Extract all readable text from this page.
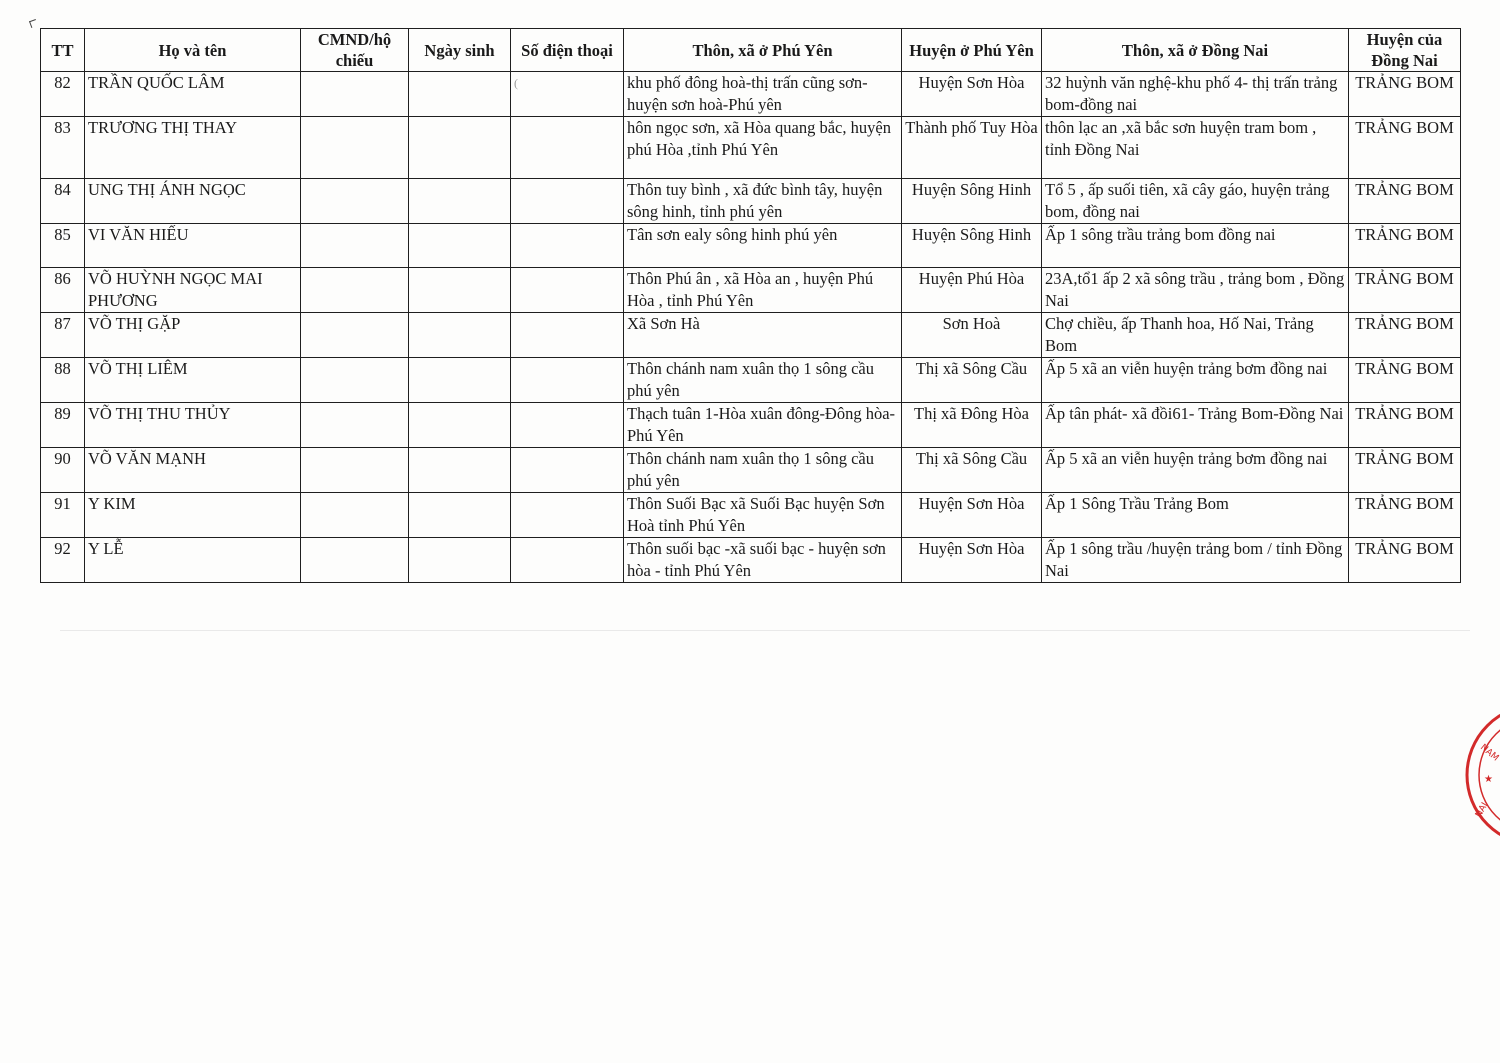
TT	Họ và tên	CMND/hộ chiếu	Ngày sinh	Số điện thoại	Thôn, xã ở Phú Yên	Huyện ở Phú Yên	Thôn, xã ở Đồng Nai	Huyện của Đồng Nai
82	TRẦN QUỐC LÂM			(	khu phố đông hoà-thị trấn cũng sơn-huyện sơn hoà-Phú yên	Huyện Sơn Hòa	32 huỳnh văn nghệ-khu phố 4- thị trấn trảng bom-đồng nai	TRẢNG BOM
83	TRƯƠNG THỊ THAY				hôn ngọc sơn, xã Hòa quang bắc, huyện phú Hòa ,tỉnh Phú Yên	Thành phố Tuy Hòa	thôn lạc an ,xã bắc sơn huyện tram bom , tỉnh Đồng Nai	TRẢNG BOM
84	UNG THỊ ÁNH NGỌC				Thôn tuy bình , xã đức bình tây, huyện sông hinh, tỉnh phú yên	Huyện Sông Hinh	Tổ 5 , ấp suối tiên, xã cây gáo, huyện trảng bom, đồng nai	TRẢNG BOM
85	VI VĂN HIẾU				Tân sơn ealy sông hinh phú yên	Huyện Sông Hinh	Ấp 1 sông trầu trảng bom đồng nai	TRẢNG BOM
86	VÕ HUỲNH NGỌC MAI PHƯƠNG				Thôn Phú ân , xã Hòa an , huyện Phú Hòa , tỉnh Phú Yên	Huyện Phú Hòa	23A,tổ1 ấp 2 xã sông trầu , trảng bom , Đồng Nai	TRẢNG BOM
87	VÕ THỊ GẶP				Xã Sơn Hà	Sơn Hoà	Chợ chiều, ấp Thanh hoa, Hố Nai, Trảng Bom	TRẢNG BOM
88	VÕ THỊ LIÊM				Thôn chánh nam xuân thọ 1 sông cầu phú yên	Thị xã Sông Cầu	Ấp 5 xã an viễn huyện trảng bơm đồng nai	TRẢNG BOM
89	VÕ THỊ THU THỦY				Thạch tuân 1-Hòa xuân đông-Đông hòa-Phú Yên	Thị xã Đông Hòa	Ấp tân phát- xã đồi61- Trảng Bom-Đồng Nai	TRẢNG BOM
90	VÕ VĂN MẠNH				Thôn chánh nam xuân thọ 1 sông cầu phú yên	Thị xã Sông Cầu	Ấp 5 xã an viễn huyện trảng bơm đồng nai	TRẢNG BOM
91	Y KIM				Thôn Suối Bạc xã Suối Bạc huyện Sơn Hoà tỉnh Phú Yên	Huyện Sơn Hòa	Ấp 1 Sông Trầu Trảng Bom	TRẢNG BOM
92	Y LỄ				Thôn suối bạc -xã suối bạc - huyện sơn hòa - tỉnh Phú Yên	Huyện Sơn Hòa	Ấp 1 sông trầu /huyện trảng bom / tỉnh Đồng Nai	TRẢNG BOM
NAM
NAI
★
